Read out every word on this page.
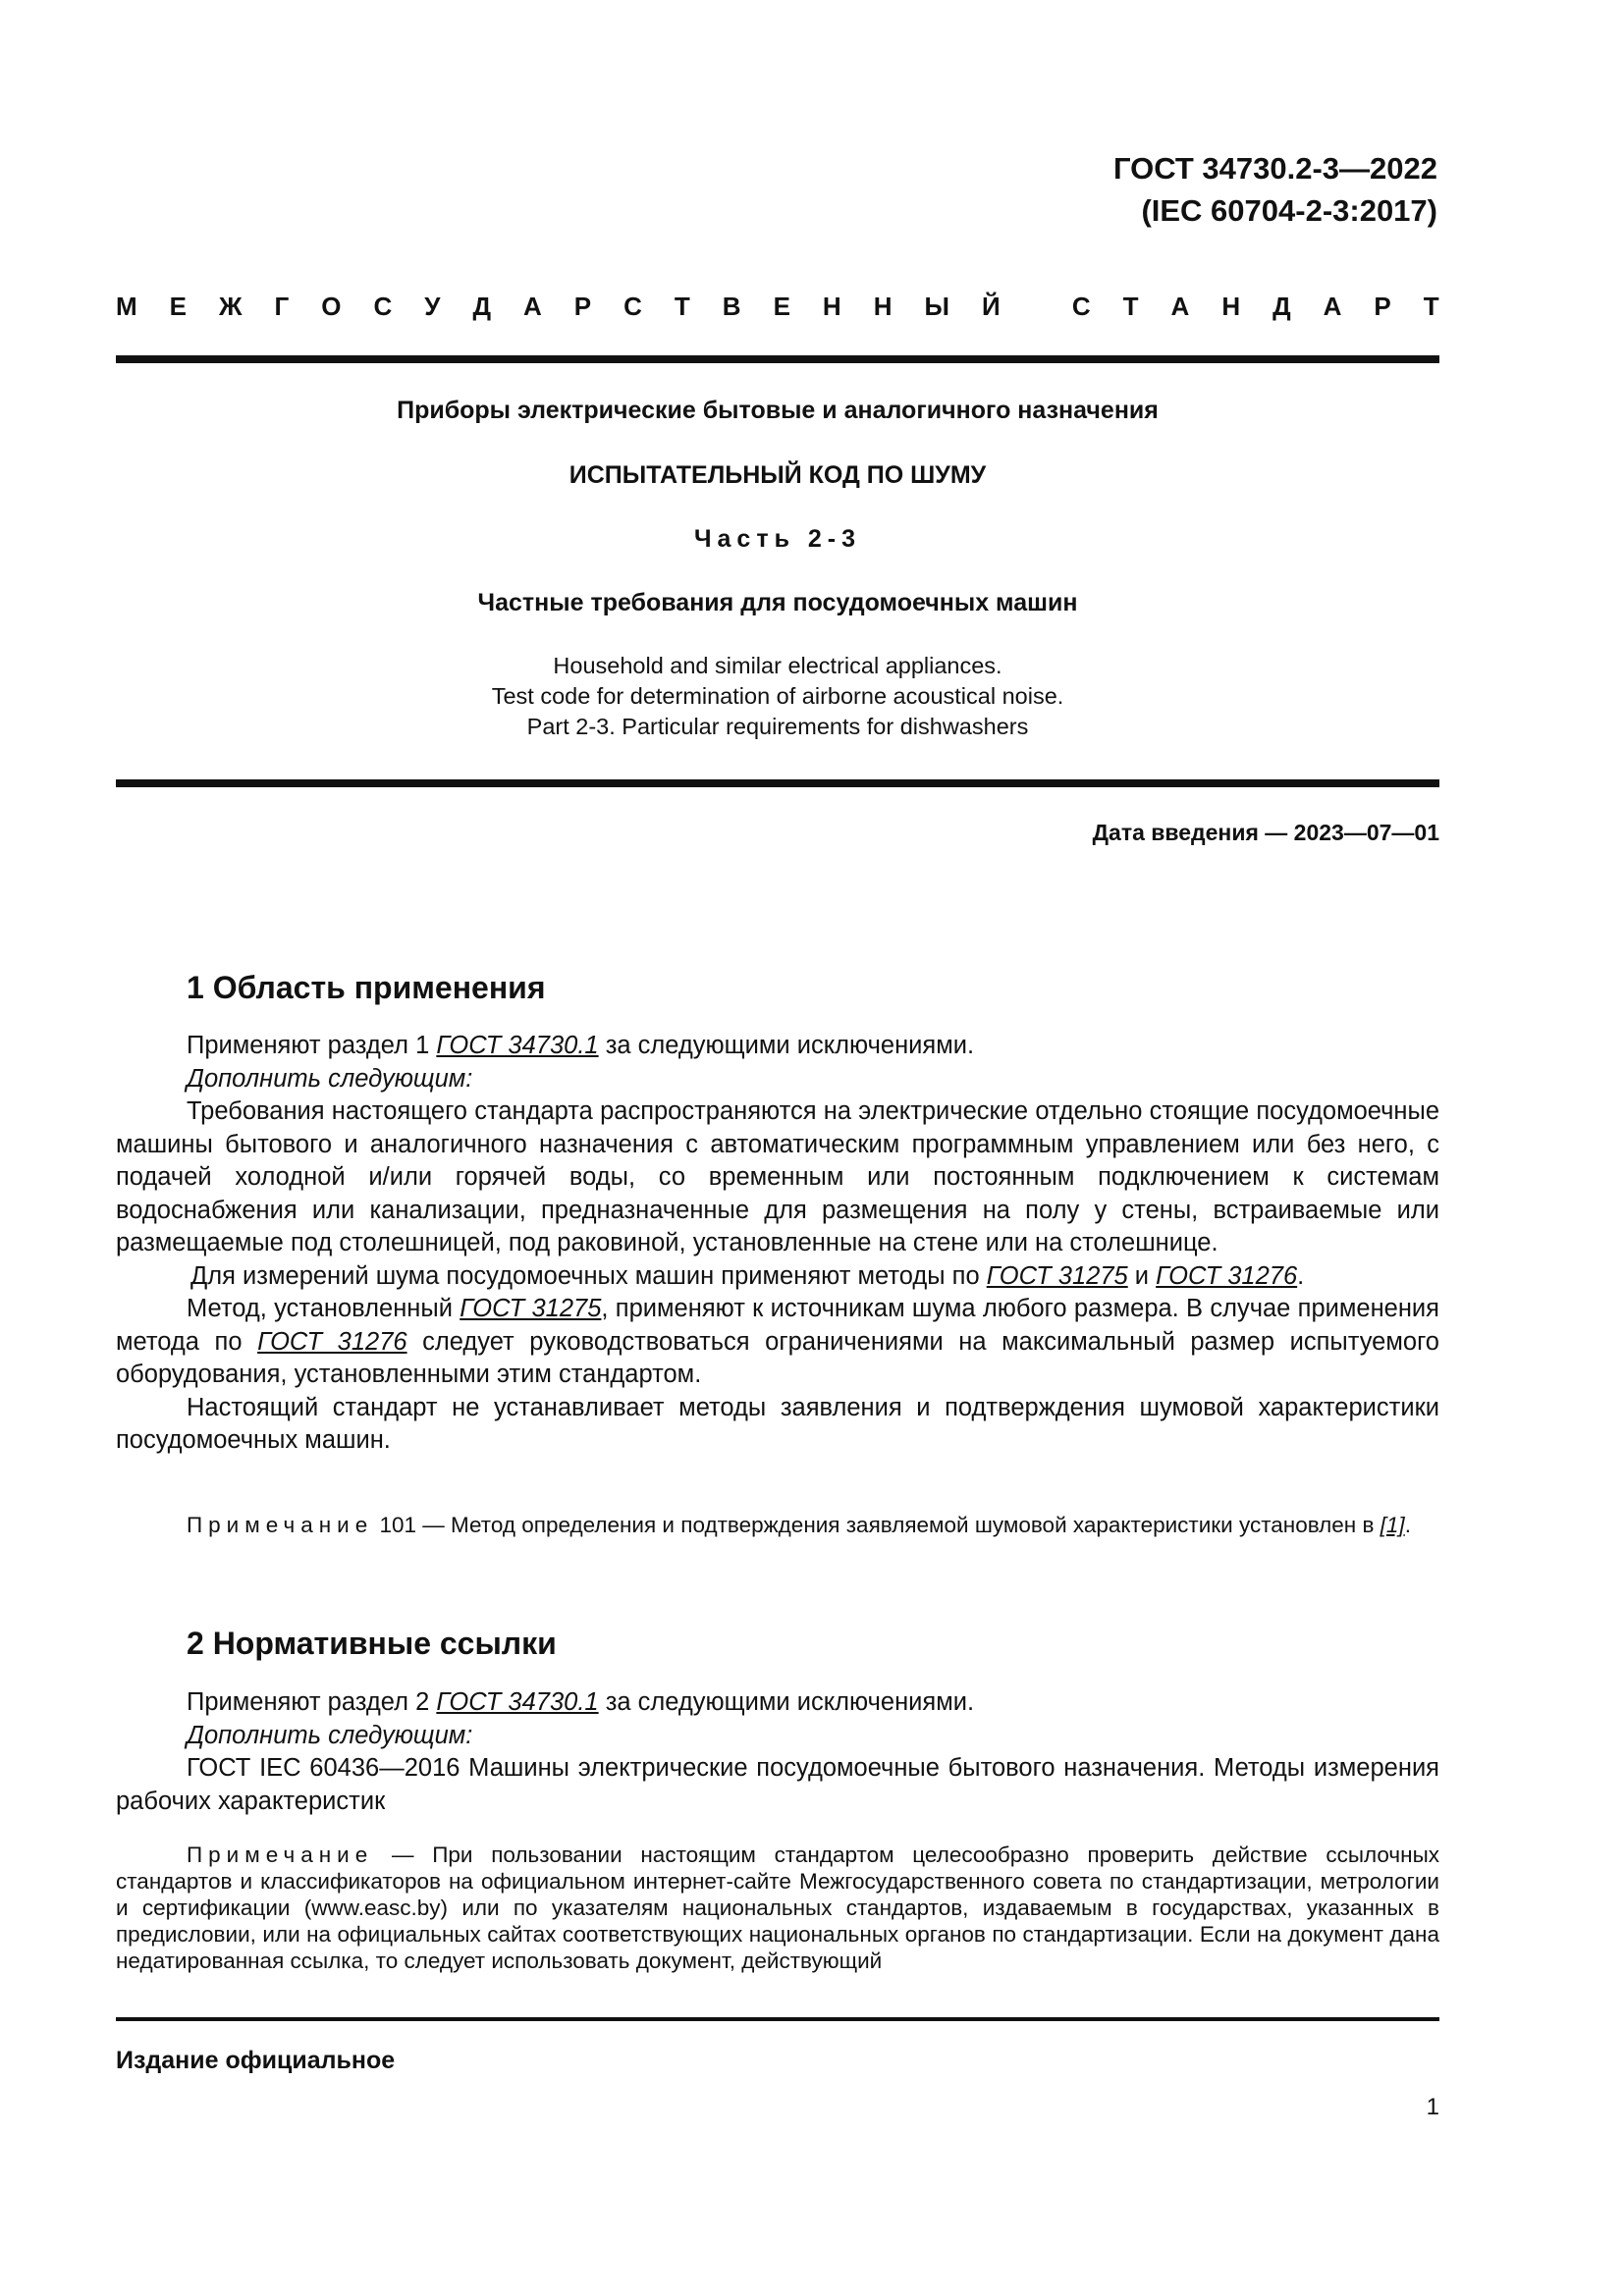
ГОСТ 34730.2-3—2022
(IEC 60704-2-3:2017)
М Е Ж Г О С У Д А Р С Т В Е Н Н Ы Й
	С Т А Н Д А Р Т
Приборы электрические бытовые и аналогичного назначения
ИСПЫТАТЕЛЬНЫЙ КОД ПО ШУМУ
Часть 2-3
Частные требования для посудомоечных машин
Household and similar electrical appliances.
Test code for determination of airborne acoustical noise.
Part 2-3. Particular requirements for dishwashers
Дата введения — 2023—07—01
1 Область применения

Применяют раздел 1 ГОСТ 34730.1 за следующими исключениями.

Дополнить следующим:

Требования настоящего стандарта распространяются на электрические отдельно стоящие посудомоечные машины бытового и аналогичного назначения с автоматическим программным управлением или без него, с подачей холодной и/или горячей воды, со временным или постоянным подключением к системам водоснабжения или канализации, предназначенные для размещения на полу у стены, встраиваемые или размещаемые под столешницей, под раковиной, установленные на стене или на столешнице.

Для измерений шума посудомоечных машин применяют методы по ГОСТ 31275 и ГОСТ 31276.

Метод, установленный ГОСТ 31275, применяют к источникам шума любого размера. В случае применения метода по ГОСТ 31276 следует руководствоваться ограничениями на максимальный размер испытуемого оборудования, установленными этим стандартом.

Настоящий стандарт не устанавливает методы заявления и подтверждения шумовой характеристики посудомоечных машин.

Примечание 101 — Метод определения и подтверждения заявляемой шумовой характеристики установлен в [1].

2 Нормативные ссылки

Применяют раздел 2 ГОСТ 34730.1 за следующими исключениями.

Дополнить следующим:

ГОСТ IEC 60436—2016 Машины электрические посудомоечные бытового назначения. Методы измерения рабочих характеристик

Примечание — При пользовании настоящим стандартом целесообразно проверить действие ссылочных стандартов и классификаторов на официальном интернет-сайте Межгосударственного совета по стандартизации, метрологии и сертификации (www.easc.by) или по указателям национальных стандартов, издаваемым в государствах, указанных в предисловии, или на официальных сайтах соответствующих национальных органов по стандартизации. Если на документ дана недатированная ссылка, то следует использовать документ, действующий

Издание официальное
1
